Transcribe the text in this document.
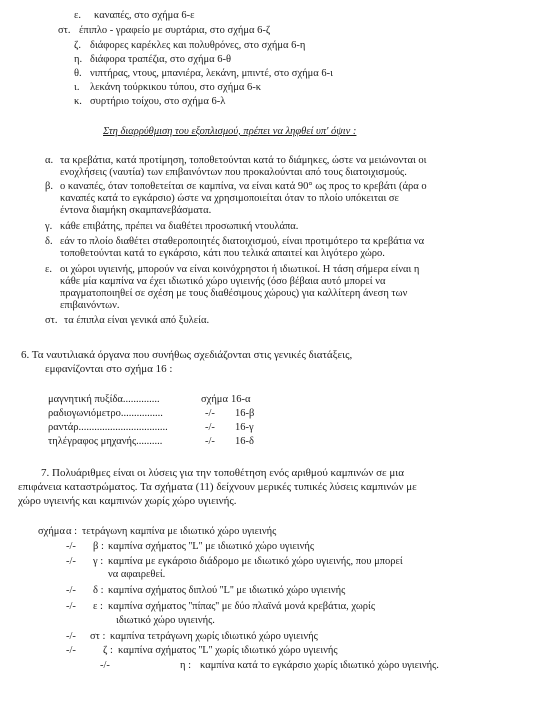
ε. καναπές, στο σχήμα 6-ε
στ. έπιπλο - γραφείο με συρτάρια, στο σχήμα 6-ζ
ζ. διάφορες καρέκλες και πολυθρόνες, στο σχήμα 6-η
η. διάφορα τραπέζια, στο σχήμα 6-θ
θ. νιπτήρας, ντους, μπανιέρα, λεκάνη, μπιντέ, στο σχήμα 6-ι
ι. λεκάνη τούρκικου τύπου, στο σχήμα 6-κ
κ. συρτήριο τοίχου, στο σχήμα 6-λ
Στη διαρρύθμιση του εξοπλισμού, πρέπει να ληφθεί υπ' όψιν :
α. τα κρεβάτια, κατά προτίμηση, τοποθετούνται κατά το διάμηκες, ώστε να μειώνονται οι
ενοχλήσεις (ναυτία) των επιβαινόντων που προκαλούνται από τους διατοιχισμούς.
β. ο καναπές, όταν τοποθετείται σε καμπίνα, να είναι κατά 90° ως προς το κρεβάτι (άρα ο
καναπές κατά το εγκάρσιο) ώστε να χρησιμοποιείται όταν το πλοίο υπόκειται σε
έντονα διαμήκη σκαμπανεβάσματα.
γ. κάθε επιβάτης, πρέπει να διαθέτει προσωπική ντουλάπα.
δ. εάν το πλοίο διαθέτει σταθεροποιητές διατοιχισμού, είναι προτιμότερο τα κρεβάτια να
τοποθετούνται κατά το εγκάρσιο, κάτι που τελικά απαιτεί και λιγότερο χώρο.
ε. οι χώροι υγιεινής, μπορούν να είναι κοινόχρηστοι ή ιδιωτικοί. Η τάση σήμερα είναι η
κάθε μία καμπίνα να έχει ιδιωτικό χώρο υγιεινής (όσο βέβαια αυτό μπορεί να
πραγματοποιηθεί σε σχέση με τους διαθέσιμους χώρους) για καλλίτερη άνεση των
επιβαινόντων.
στ. τα έπιπλα είναι γενικά από ξυλεία.
6. Τα ναυτιλιακά όργανα που συνήθως σχεδιάζονται στις γενικές διατάξεις,
εμφανίζονται στο σχήμα 16 :
μαγνητική πυξίδα..............	σχήμα 16-α
ραδιογωνιόμετρο................	-/- 16-β
ραντάρ..................................	-/- 16-γ
τηλέγραφος μηχανής..........	-/- 16-δ
7. Πολυάριθμες είναι οι λύσεις για την τοποθέτηση ενός αριθμού καμπινών σε μια
επιφάνεια καταστρώματος. Τα σχήματα (11) δείχνουν μερικές τυπικές λύσεις καμπινών με
χώρο υγιεινής και καμπινών χωρίς χώρο υγιεινής.
σχήμα α : τετράγωνη καμπίνα με ιδιωτικό χώρο υγιεινής
-/- β : καμπίνα σχήματος ''L'' με ιδιωτικό χώρο υγιεινής
-/- γ : καμπίνα με εγκάρσιο διάδρομο με ιδιωτικό χώρο υγιεινής, που μπορεί
να αφαιρεθεί.
-/- δ : καμπίνα σχήματος διπλού ''L'' με ιδιωτικό χώρο υγιεινής
-/- ε : καμπίνα σχήματος ''πίπας'' με δύο πλαϊνά μονά κρεβάτια, χωρίς
ιδιωτικό χώρο υγιεινής.
-/- στ : καμπίνα τετράγωνη χωρίς ιδιωτικό χώρο υγιεινής
-/-	ζ : καμπίνα σχήματος ''L'' χωρίς ιδιωτικό χώρο υγιεινής
-/-	η : καμπίνα κατά το εγκάρσιο χωρίς ιδιωτικό χώρο υγιεινής.
